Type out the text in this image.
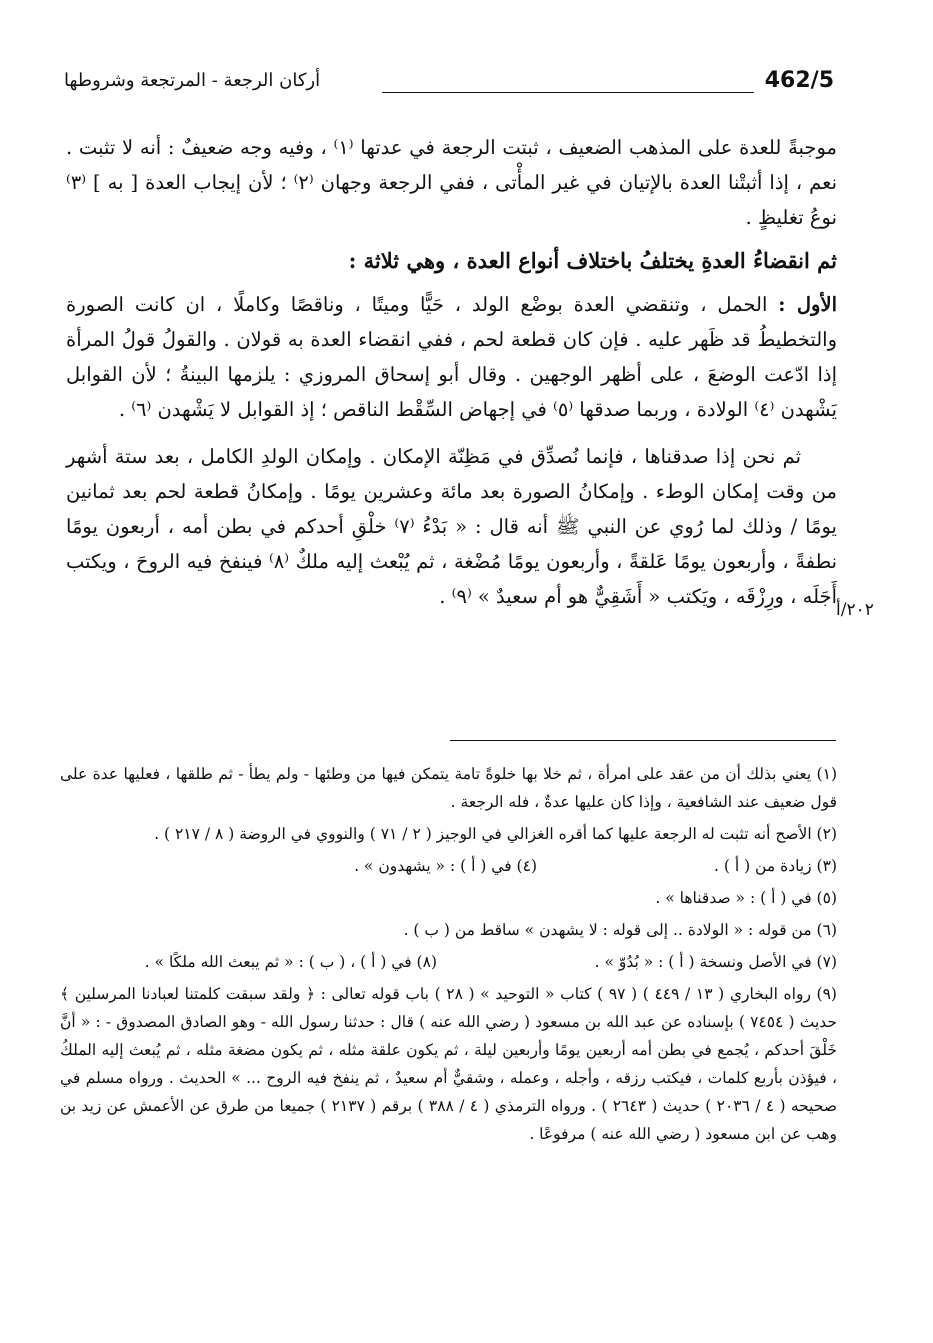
أركان الرجعة - المرتجعة وشروطها	462/5

موجبةً للعدة على المذهب الضعيف ، ثبتت الرجعة في عدتها ⁽١⁾ ، وفيه وجه ضعيفٌ : أنه لا تثبت . نعم ، إذا أثبتْنا العدة بالإتيان في غير المأْتى ، ففي الرجعة وجهان ⁽٢⁾ ؛ لأن إيجاب العدة [ به ] ⁽٣⁾ نوعُ تغليظٍ .

ثم انقضاءُ العدةِ يختلفُ باختلاف أنواع العدة ، وهي ثلاثة :

الأول : الحمل ، وتنقضي العدة بوضْع الولد ، حَيًّا وميتًا ، وناقصًا وكاملًا ، ان كانت الصورة والتخطيطُ قد ظَهر عليه . فإن كان قطعة لحم ، ففي انقضاء العدة به قولان . والقولُ قولُ المرأة إذا ادّعت الوضعَ ، على أظهر الوجهين . وقال أبو إسحاق المروزي : يلزمها البينةُ ؛ لأن القوابل يَشْهدن ⁽٤⁾ الولادة ، وربما صدقها ⁽٥⁾ في إجهاض السِّقْط الناقص ؛ إذ القوابل لا يَشْهدن ⁽٦⁾ .

ثم نحن إذا صدقناها ، فإنما نُصدِّق في مَظِنّة الإمكان . وإمكان الولدِ الكامل ، بعد ستة أشهر من وقت إمكان الوطء . وإمكانُ الصورة بعد مائة وعشرين يومًا . وإمكانُ قطعة لحم بعد ثمانين يومًا / وذلك لما رُوي عن النبي ﷺ أنه قال : « بَدْءُ ⁽٧⁾ خلْقِ أحدكم في بطن أمه ، أربعون يومًا نطفةً ، وأربعون يومًا عَلقةً ، وأربعون يومًا مُضْغة ، ثم يُبْعث إليه ملكٌ ⁽٨⁾ فينفخ فيه الروحَ ، ويكتب أَجَلَه ، ورِزْقَه ، ويَكتب « أَشَقِيٌّ هو أم سعيدٌ » ⁽٩⁾ .

٢٠٢/أ

(١) يعني بذلك أن من عقد على امرأة ، ثم خلا بها خلوةً تامة يتمكن فيها من وطئها - ولم يطأ - ثم طلقها ، فعليها عدة على قول ضعيف عند الشافعية ، وإذا كان عليها عدةٌ ، فله الرجعة .

(٢) الأصح أنه تثبت له الرجعة عليها كما أقره الغزالي في الوجيز ( ٢ / ٧١ ) والنووي في الروضة ( ٨ / ٢١٧ ) .

(٣) زيادة من ( أ ) .

(٤) في ( أ ) : « يشهدون » .

(٥) في ( أ ) : « صدقناها » .

(٦) من قوله : « الولادة .. إلى قوله : لا يشهدن » ساقط من ( ب ) .

(٧) في الأصل ونسخة ( أ ) : « بُدُوّ » .

(٨) في ( أ ) ، ( ب ) : « ثم يبعث الله ملكًا » .

(٩) رواه البخاري ( ١٣ / ٤٤٩ ) ( ٩٧ ) كتاب « التوحيد » ( ٢٨ ) باب قوله تعالى : ﴿ ولقد سبقت كلمتنا لعبادنا المرسلين ﴾ حديث ( ٧٤٥٤ ) بإسناده عن عبد الله بن مسعود ( رضي الله عنه ) قال : حدثنا رسول الله - وهو الصادق المصدوق - : « أنَّ خَلْقَ أحدكم ، يُجمع في بطن أمه أربعين يومًا وأربعين ليلة ، ثم يكون علقة مثله ، ثم يكون مضغة مثله ، ثم يُبعث إليه الملكُ ، فيؤذن بأربع كلمات ، فيكتب رزقه ، وأجله ، وعمله ، وشقيٌّ أم سعيدٌ ، ثم ينفخ فيه الروح ... » الحديث . ورواه مسلم في صحيحه ( ٤ / ٢٠٣٦ ) حديث ( ٢٦٤٣ ) . ورواه الترمذي ( ٤ / ٣٨٨ ) برقم ( ٢١٣٧ ) جميعا من طرق عن الأعمش عن زيد بن وهب عن ابن مسعود ( رضي الله عنه ) مرفوعًا .
